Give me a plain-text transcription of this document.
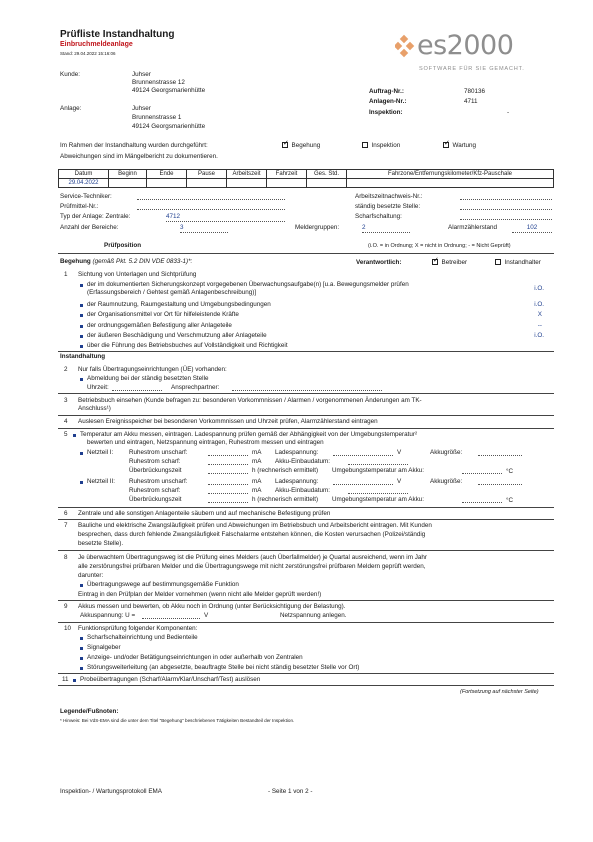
Prüfliste Instandhaltung
Einbruchmeldeanlage
Stand: 29.04.2022 15:16:06	es2000
SOFTWARE FÜR SIE GEMACHT.
Kunde:	Juhser
Brunnenstrasse 12
49124 Georgsmarienhütte	Auftrag-Nr.:	780136
Anlagen-Nr.:	4711
Inspektion:	-
Anlage:	Juhser
Brunnenstrasse 1
49124 Georgsmarienhütte
Im Rahmen der Instandhaltung wurden durchgeführt: ✓	Begehung	Inspektion ✓	Wartung
Abweichungen sind im Mängelbericht zu dokumentieren.
Datum	Beginn	Ende	Pause	Arbeitszeit	Fahrzeit	Ges. Std.	Fahrzone/Entfernungskilometer/Kfz-Pauschale
29.04.2022							
Service-Techniker:
Prüfmittel-Nr.:
Typ der Anlage: Zentrale:	4712
Anzahl der Bereiche:	3	Meldergruppen:	2
Arbeitszeitnachweis-Nr.:
ständig besetzte Stelle:
Scharfschaltung:
Alarmzählerstand	102
Prüfposition	(i.O. = in Ordnung; X = nicht in Ordnung; - = Nicht Geprüft)
Begehung (gemäß Pkt. 5.2 DIN VDE 0833-1)*:	Verantwortlich: ✓	Betreiber	Instandhalter
1 Sichtung von Unterlagen und Sichtprüfung
der im dokumentierten Sicherungskonzept vorgegebenen Überwachungsaufgabe(n) [u.a. Bewegungsmelder prüfen
(Erfassungsbereich / Gehtest gemäß Anlagenbeschreibung)]
i.O.
der Raumnutzung, Raumgestaltung und Umgebungsbedingungen	i.O.
der Organisationsmittel vor Ort für hilfeleistende Kräfte	X
der ordnungsgemäßen Befestigung aller Anlageteile	--
der äußeren Beschädigung und Verschmutzung aller Anlageteile	i.O.
über die Führung des Betriebsbuches auf Vollständigkeit und Richtigkeit
Instandhaltung
2 Nur falls Übertragungseinrichtungen (ÜE) vorhanden:
Abmeldung bei der ständig besetzten Stelle
Uhrzeit:	Ansprechpartner:
3 Betriebsbuch einsehen (Kunde befragen zu: besonderen Vorkommnissen / Alarmen / vorgenommenen Änderungen am TK-
Anschluss¹)
4 Auslesen Ereignisspeicher bei besonderen Vorkommnissen und Uhrzeit prüfen, Alarmzählerstand eintragen
5 Temperatur am Akku messen, eintragen. Ladespannung prüfen gemäß der Abhängigkeit von der Umgebungstemperatur²
bewerten und eintragen, Netzspannung eintragen, Ruhestrom messen und eintragen
Netzteil I:	Ruhestrom unscharf:	mA Ladespannung:	V	Akkugröße:
Ruhestrom scharf:	mA Akku-Einbaudatum:
Überbrückungszeit	h (rechnerisch ermittelt) Umgebungstemperatur am Akku:	°C
Netzteil II: Ruhestrom unscharf:	mA Ladespannung:	V	Akkugröße:
Ruhestrom scharf:	mA Akku-Einbaudatum:
Überbrückungszeit	h (rechnerisch ermittelt) Umgebungstemperatur am Akku:	°C
6 Zentrale und alle sonstigen Anlagenteile säubern und auf mechanische Befestigung prüfen
7 Bauliche und elektrische Zwangsläufigkeit prüfen und Abweichungen im Betriebsbuch und Arbeitsbericht eintragen. Mit Kunden
besprechen, dass durch fehlende Zwangsläufigkeit Falschalarme entstehen können, die Kosten verursachen (Polizei/ständig
besetzte Stelle).
8 Je überwachtem Übertragungsweg ist die Prüfung eines Melders (auch Überfallmelder) je Quartal ausreichend, wenn im Jahr
alle zerstörungsfrei prüfbaren Melder und die Übertragungswege mit nicht zerstörungsfrei prüfbaren Meldern geprüft werden,
darunter:
Übertragungswege auf bestimmungsgemäße Funktion
Eintrag in den Prüfplan der Melder vornehmen (wenn nicht alle Melder geprüft werden!)
9 Akkus messen und bewerten, ob Akku noch in Ordnung (unter Berücksichtigung der Belastung).
Akkuspannung: U =	V	Netzspannung anlegen.
10 Funktionsprüfung folgender Komponenten:
Scharfschalteinrichtung und Bedienteile
Signalgeber
Anzeige- und/oder Betätigungseinrichtungen in oder außerhalb von Zentralen
Störungsweiterleitung (an abgesetzte, beauftragte Stelle bei nicht ständig besetzter Stelle vor Ort)
11 Probeübertragungen (Scharf/Alarm/Klar/Unscharf/Test) auslösen
(Fortsetzung auf nächster Seite)
Legende/Fußnoten:
* Hinweis: Bei VdS-EMA sind die unter dem Titel "Begehung" beschriebenen Tätigkeiten Bestandteil der Inspektion.
Inspektion- / Wartungsprotokoll EMA	- Seite 1 von 2 -
